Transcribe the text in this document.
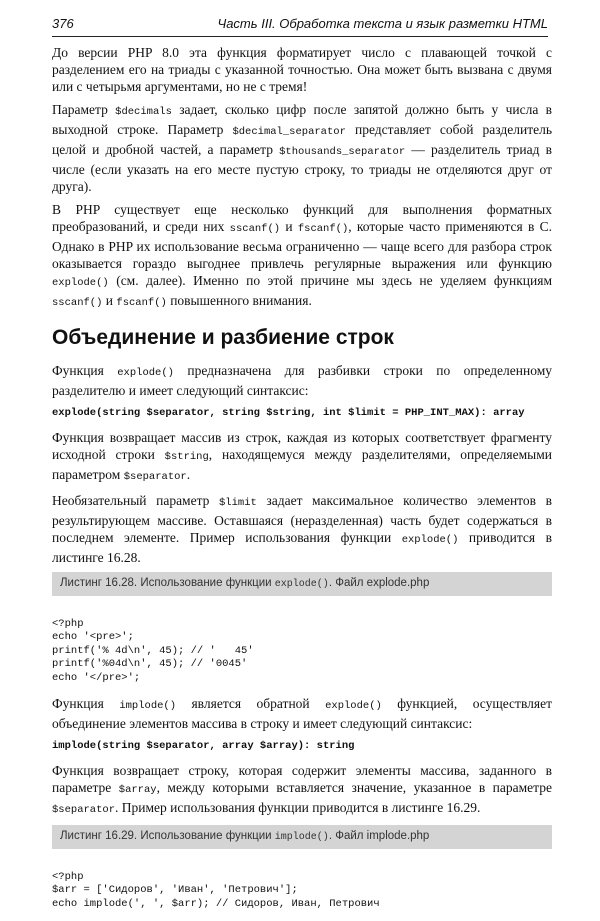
376	Часть III. Обработка текста и язык разметки HTML

До версии PHP 8.0 эта функция форматирует число с плавающей точкой с разделением его на триады с указанной точностью. Она может быть вызвана с двумя или с четырьмя аргументами, но не с тремя!

Параметр $decimals задает, сколько цифр после запятой должно быть у числа в выходной строке. Параметр $decimal_separator представляет собой разделитель целой и дробной частей, а параметр $thousands_separator — разделитель триад в числе (если указать на его месте пустую строку, то триады не отделяются друг от друга).

В PHP существует еще несколько функций для выполнения форматных преобразований, и среди них sscanf() и fscanf(), которые часто применяются в C. Однако в PHP их использование весьма ограниченно — чаще всего для разбора строк оказывается гораздо выгоднее привлечь регулярные выражения или функцию explode() (см. далее). Именно по этой причине мы здесь не уделяем функциям sscanf() и fscanf() повышенного внимания.

Объединение и разбиение строк

Функция explode() предназначена для разбивки строки по определенному разделителю и имеет следующий синтаксис:

explode(string $separator, string $string, int $limit = PHP_INT_MAX): array

Функция возвращает массив из строк, каждая из которых соответствует фрагменту исходной строки $string, находящемуся между разделителями, определяемыми параметром $separator.

Необязательный параметр $limit задает максимальное количество элементов в результирующем массиве. Оставшаяся (неразделенная) часть будет содержаться в последнем элементе. Пример использования функции explode() приводится в листинге 16.28.

Листинг 16.28. Использование функции explode(). Файл explode.php

<?php
echo '<pre>';
printf('% 4d\n', 45); // '   45'
printf('%04d\n', 45); // '0045'
echo '</pre>';

Функция implode() является обратной explode() функцией, осуществляет объединение элементов массива в строку и имеет следующий синтаксис:

implode(string $separator, array $array): string

Функция возвращает строку, которая содержит элементы массива, заданного в параметре $array, между которыми вставляется значение, указанное в параметре $separator. Пример использования функции приводится в листинге 16.29.

Листинг 16.29. Использование функции implode(). Файл implode.php

<?php
$arr = ['Сидоров', 'Иван', 'Петрович'];
echo implode(', ', $arr); // Сидоров, Иван, Петрович
